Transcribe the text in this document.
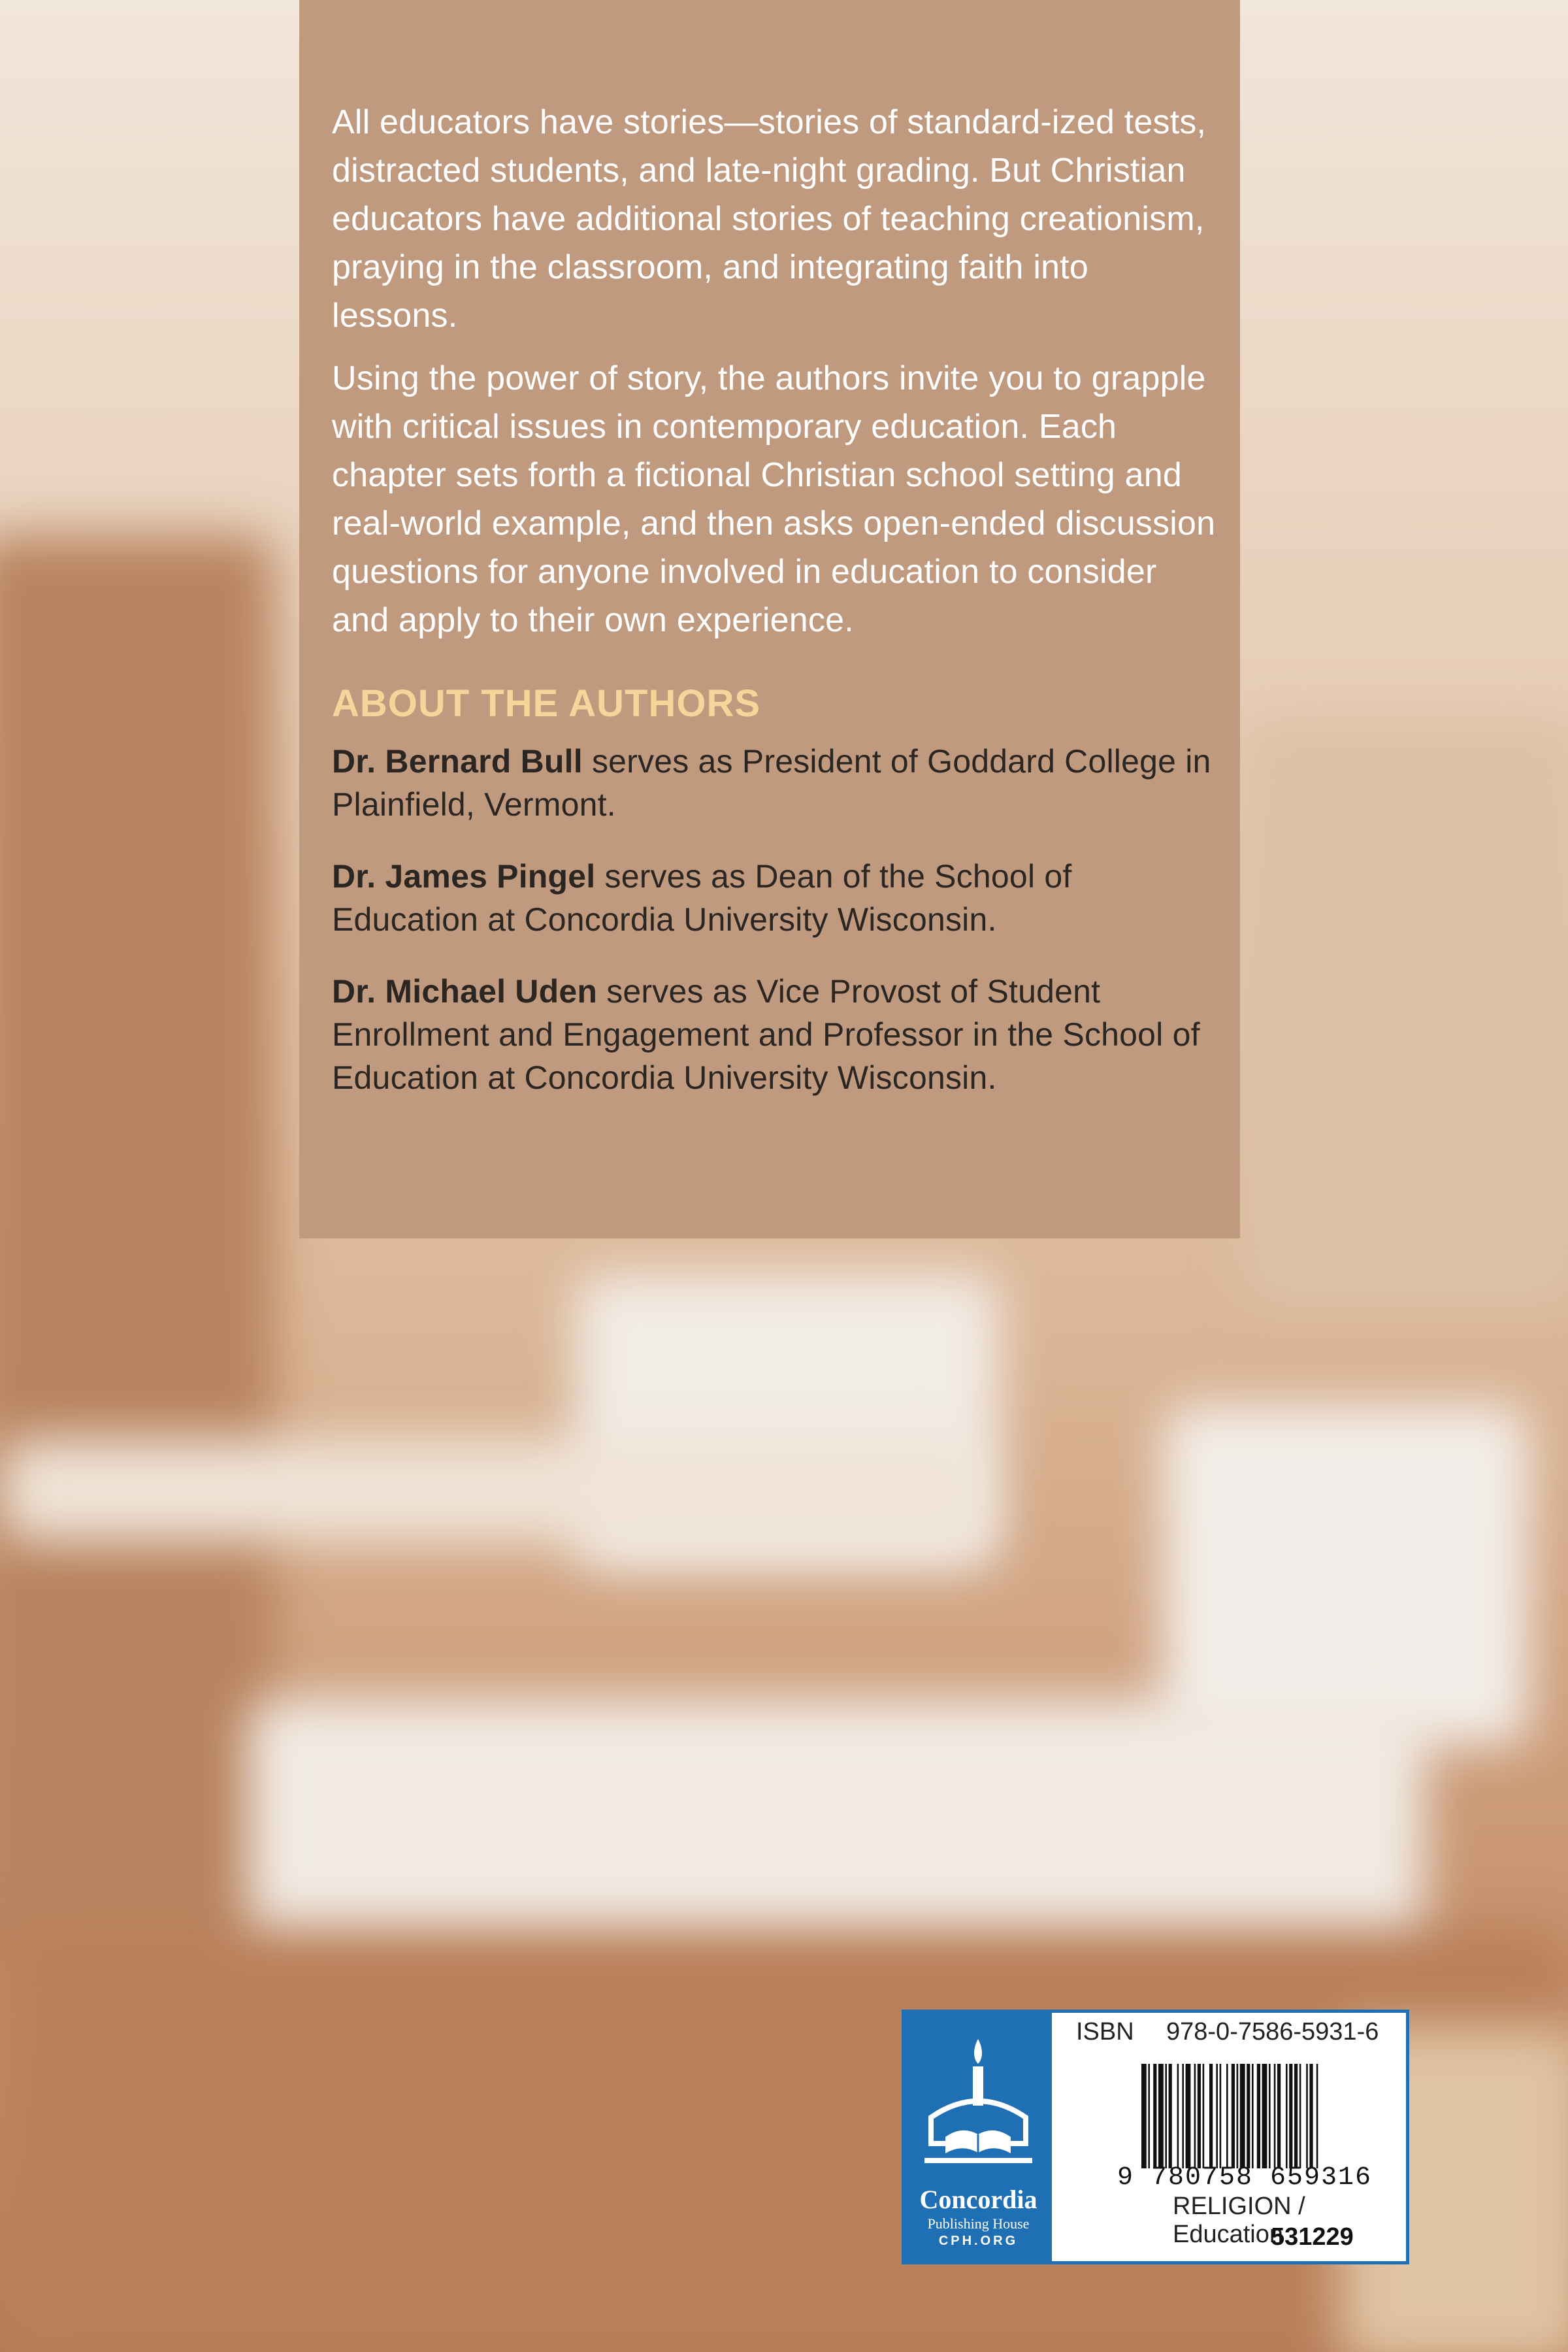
All educators have stories—stories of standard-ized tests, distracted students, and late-night grading. But Christian educators have additional stories of teaching creationism, praying in the classroom, and integrating faith into lessons.

Using the power of story, the authors invite you to grapple with critical issues in contemporary education. Each chapter sets forth a fictional Christian school setting and real-world example, and then asks open-ended discussion questions for anyone involved in education to consider and apply to their own experience.

ABOUT THE AUTHORS

Dr. Bernard Bull serves as President of Goddard College in Plainfield, Vermont.

Dr. James Pingel serves as Dean of the School of Education at Concordia University Wisconsin.

Dr. Michael Uden serves as Vice Provost of Student Enrollment and Engagement and Professor in the School of Education at Concordia University Wisconsin.

Concordia
Publishing House
CPH.ORG
ISBN 978-0-7586-5931-6
9 780758 659316
RELIGION / Education
531229
